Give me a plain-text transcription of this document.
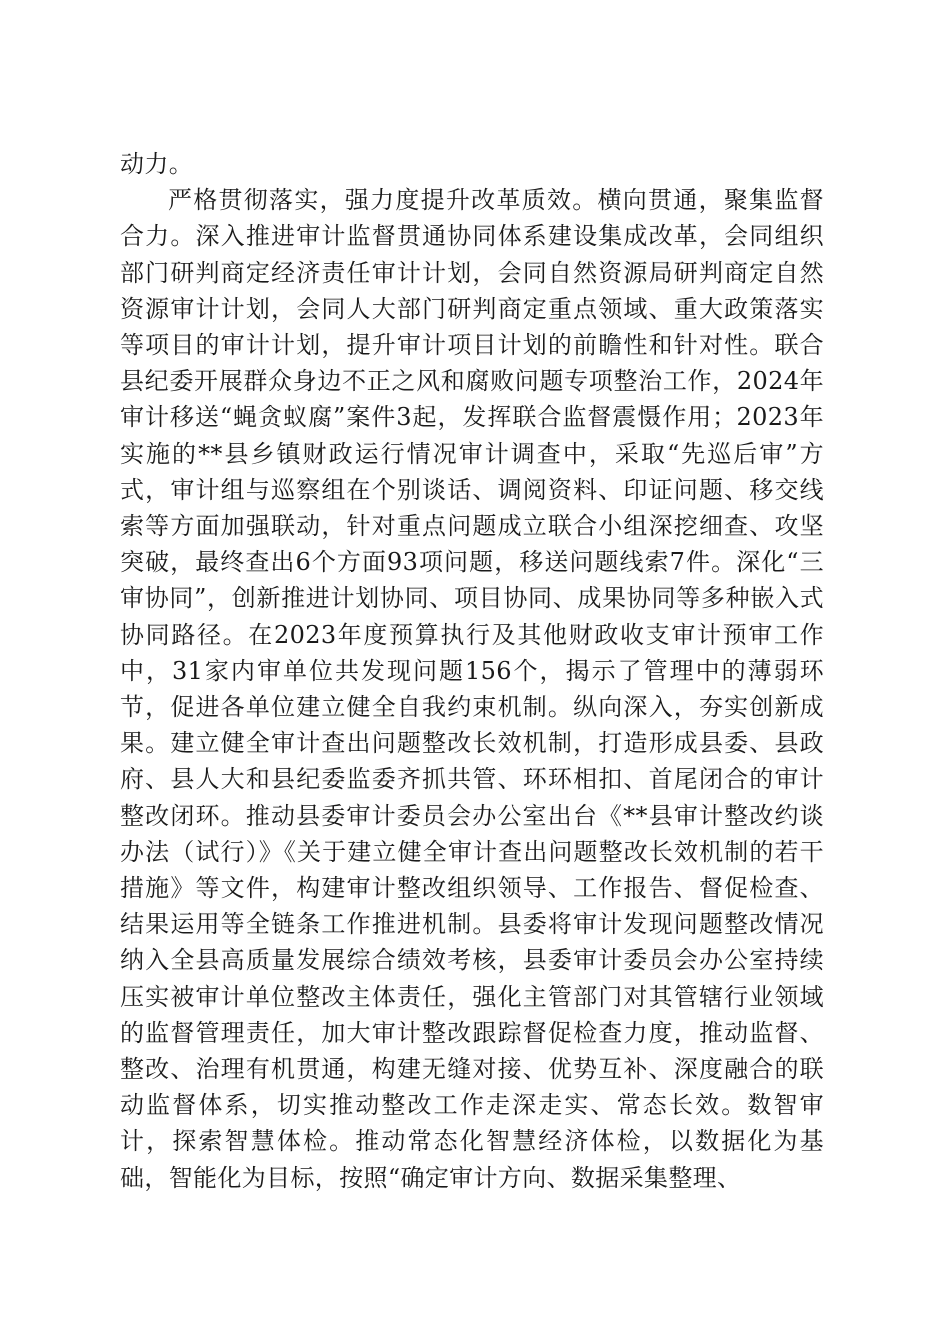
动力。

严格贯彻落实，强力度提升改革质效。横向贯通，聚集监督合力。深入推进审计监督贯通协同体系建设集成改革，会同组织部门研判商定经济责任审计计划，会同自然资源局研判商定自然资源审计计划，会同人大部门研判商定重点领域、重大政策落实等项目的审计计划，提升审计项目计划的前瞻性和针对性。联合县纪委开展群众身边不正之风和腐败问题专项整治工作，2024年审计移送“蝇贪蚁腐”案件3起，发挥联合监督震慑作用；2023年实施的**县乡镇财政运行情况审计调查中，采取“先巡后审”方式，审计组与巡察组在个别谈话、调阅资料、印证问题、移交线索等方面加强联动，针对重点问题成立联合小组深挖细查、攻坚突破，最终查出6个方面93项问题，移送问题线索7件。深化“三审协同”，创新推进计划协同、项目协同、成果协同等多种嵌入式协同路径。在2023年度预算执行及其他财政收支审计预审工作中，31家内审单位共发现问题156个，揭示了管理中的薄弱环节，促进各单位建立健全自我约束机制。纵向深入，夯实创新成果。建立健全审计查出问题整改长效机制，打造形成县委、县政府、县人大和县纪委监委齐抓共管、环环相扣、首尾闭合的审计整改闭环。推动县委审计委员会办公室出台《**县审计整改约谈办法（试行）》《关于建立健全审计查出问题整改长效机制的若干措施》等文件，构建审计整改组织领导、工作报告、督促检查、结果运用等全链条工作推进机制。县委将审计发现问题整改情况纳入全县高质量发展综合绩效考核，县委审计委员会办公室持续压实被审计单位整改主体责任，强化主管部门对其管辖行业领域的监督管理责任，加大审计整改跟踪督促检查力度，推动监督、整改、治理有机贯通，构建无缝对接、优势互补、深度融合的联动监督体系，切实推动整改工作走深走实、常态长效。数智审计，探索智慧体检。推动常态化智慧经济体检，以数据化为基础，智能化为目标，按照“确定审计方向、数据采集整理、
